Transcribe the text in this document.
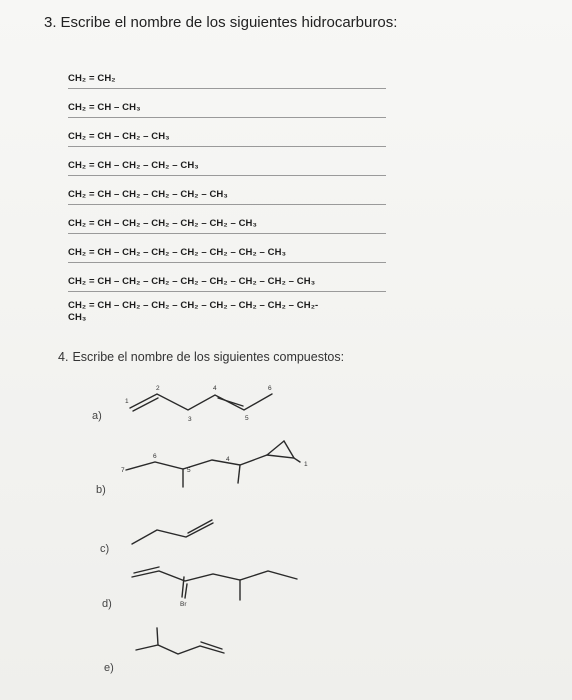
3. Escribe el nombre de los siguientes hidrocarburos:
CH₂ = CH₂
CH₂ = CH – CH₃
CH₂ = CH – CH₂ – CH₃
CH₂ = CH – CH₂ – CH₂ – CH₃
CH₂ = CH – CH₂ – CH₂ – CH₂ – CH₃
CH₂ = CH – CH₂ – CH₂ – CH₂ – CH₂ – CH₃
CH₂ = CH – CH₂ – CH₂ – CH₂ – CH₂ – CH₂ – CH₃
CH₂ = CH – CH₂ – CH₂ – CH₂ – CH₂ – CH₂ – CH₂ – CH₃
CH₂ = CH – CH₂ – CH₂ – CH₂ – CH₂ – CH₂ – CH₂ – CH₂-
CH₃
4. Escribe el nombre de los siguientes compuestos:
a)
b)
c)
d)
e)
1
2
3
4
5
6
7
6
5
4
1
Br
